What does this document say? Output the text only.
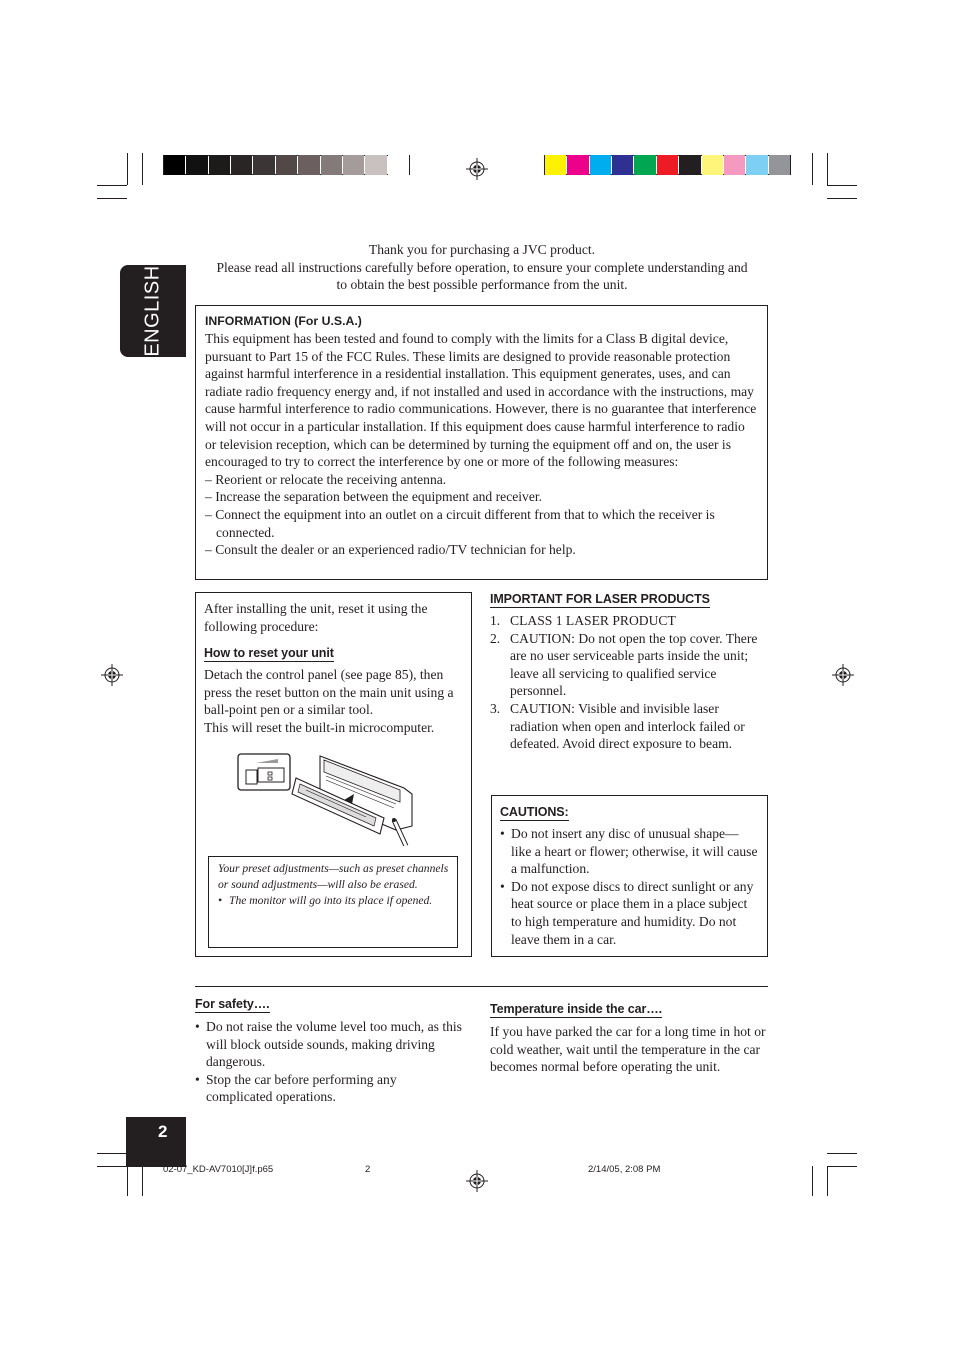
ENGLISH
Thank you for purchasing a JVC product.
Please read all instructions carefully before operation, to ensure your complete understanding and
to obtain the best possible performance from the unit.
INFORMATION (For U.S.A.)

This equipment has been tested and found to comply with the limits for a Class B digital device, pursuant to Part 15 of the FCC Rules. These limits are designed to provide reasonable protection against harmful interference in a residential installation. This equipment generates, uses, and can radiate radio frequency energy and, if not installed and used in accordance with the instructions, may cause harmful interference to radio communications. However, there is no guarantee that interference will not occur in a particular installation. If this equipment does cause harmful interference to radio or television reception, which can be determined by turning the equipment off and on, the user is encouraged to try to correct the interference by one or more of the following measures:

– Reorient or relocate the receiving antenna.
– Increase the separation between the equipment and receiver.
– Connect the equipment into an outlet on a circuit different from that to which the receiver is connected.
– Consult the dealer or an experienced radio/TV technician for help.

After installing the unit, reset it using the following procedure:

How to reset your unit

Detach the control panel (see page 85), then press the reset button on the main unit using a ball-point pen or a similar tool.

This will reset the built-in microcomputer.

Your preset adjustments—such as preset channels or sound adjustments—will also be erased.

• The monitor will go into its place if opened.
IMPORTANT FOR LASER PRODUCTS
1. CLASS 1 LASER PRODUCT
2. CAUTION: Do not open the top cover. There are no user serviceable parts inside the unit; leave all servicing to qualified service personnel.
3. CAUTION: Visible and invisible laser radiation when open and interlock failed or defeated. Avoid direct exposure to beam.
CAUTIONS:
• Do not insert any disc of unusual shape—like a heart or flower; otherwise, it will cause a malfunction.
• Do not expose discs to direct sunlight or any heat source or place them in a place subject to high temperature and humidity. Do not leave them in a car.
For safety….
• Do not raise the volume level too much, as this will block outside sounds, making driving dangerous.
• Stop the car before performing any complicated operations.
Temperature inside the car….

If you have parked the car for a long time in hot or cold weather, wait until the temperature in the car becomes normal before operating the unit.

2
02-07_KD-AV7010[J]f.p65	2	2/14/05, 2:08 PM
